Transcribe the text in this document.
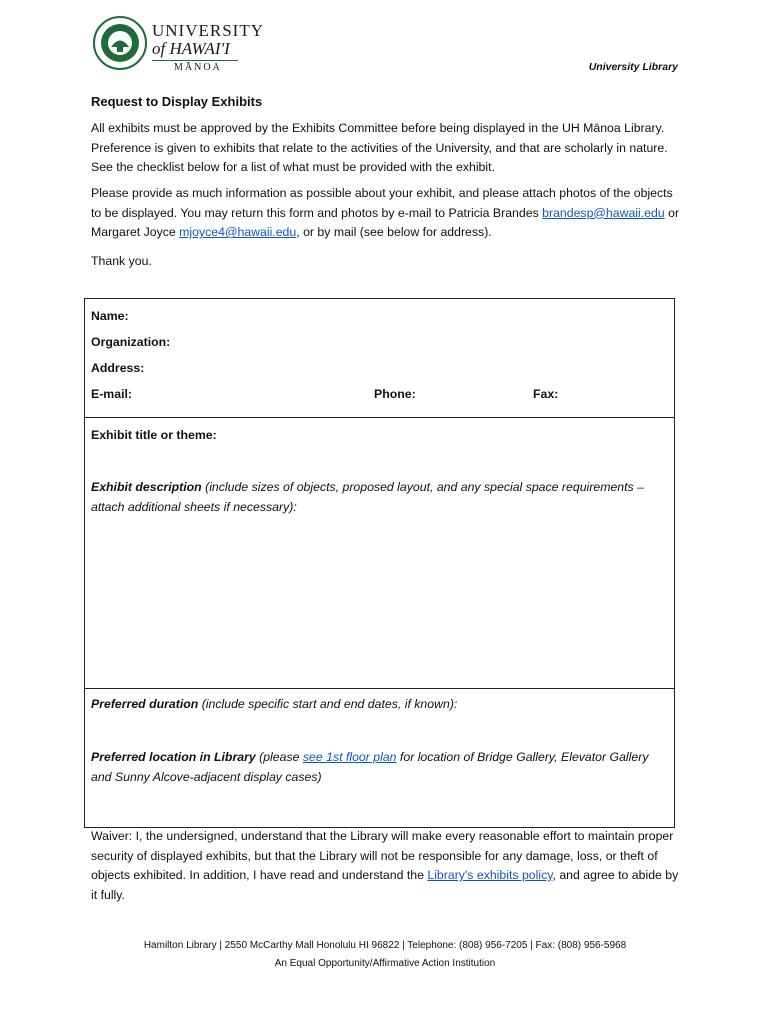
UNIVERSITY
of HAWAI'I
MĀNOA	University Library
Request to Display Exhibits
All exhibits must be approved by the Exhibits Committee before being displayed in the UH Mānoa Library. Preference is given to exhibits that relate to the activities of the University, and that are scholarly in nature. See the checklist below for a list of what must be provided with the exhibit.
Please provide as much information as possible about your exhibit, and please attach photos of the objects to be displayed. You may return this form and photos by e-mail to Patricia Brandes brandesp@hawaii.edu or Margaret Joyce mjoyce4@hawaii.edu, or by mail (see below for address).
Thank you.
Name:
Organization:
Address:
E-mail:	Phone:	Fax:
Exhibit title or theme:
Exhibit description (include sizes of objects, proposed layout, and any special space requirements – attach additional sheets if necessary):
Preferred duration (include specific start and end dates, if known):
Preferred location in Library (please see 1st floor plan for location of Bridge Gallery, Elevator Gallery and Sunny Alcove-adjacent display cases)
Waiver: I, the undersigned, understand that the Library will make every reasonable effort to maintain proper security of displayed exhibits, but that the Library will not be responsible for any damage, loss, or theft of objects exhibited. In addition, I have read and understand the Library's exhibits policy, and agree to abide by it fully.
Hamilton Library | 2550 McCarthy Mall Honolulu HI 96822 | Telephone: (808) 956-7205 | Fax: (808) 956-5968
An Equal Opportunity/Affirmative Action Institution
